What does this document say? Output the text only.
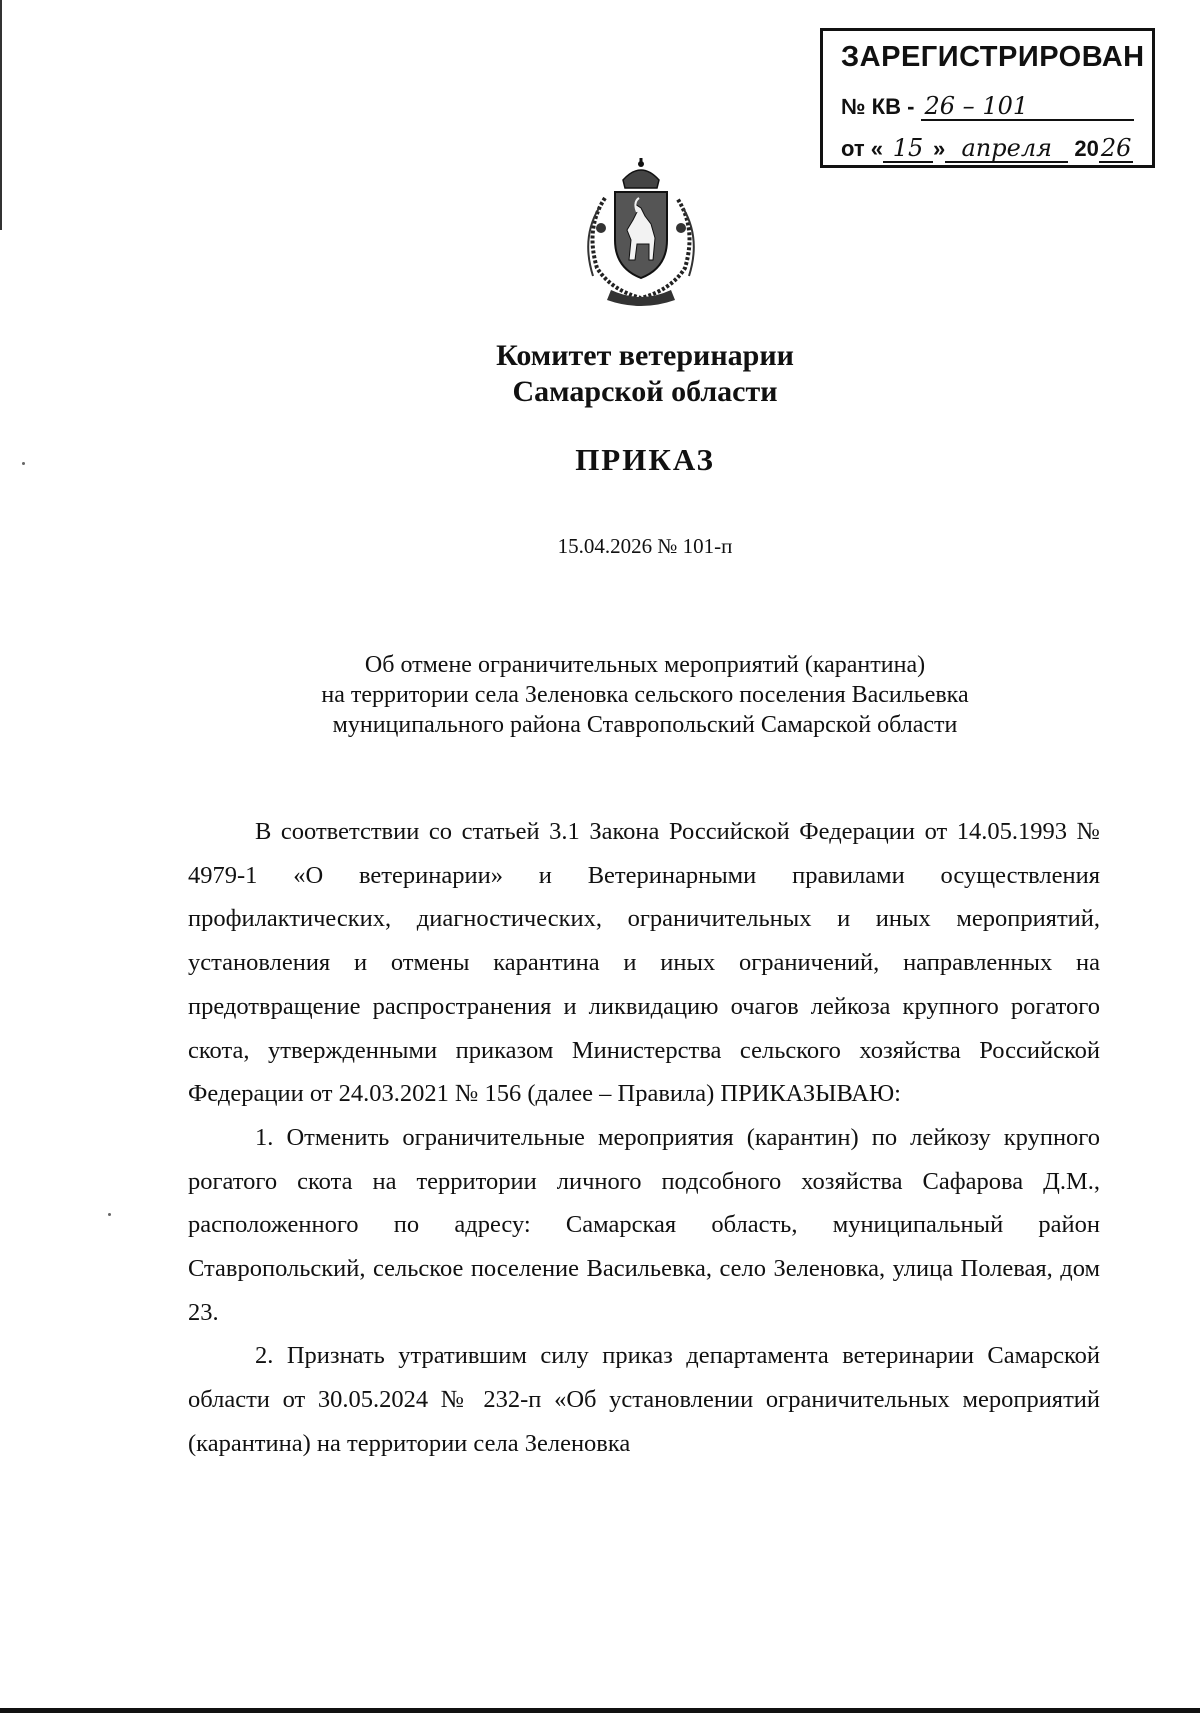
ЗАРЕГИСТРИРОВАН
№ КВ - 26 – 101
от « 15 » апреля 2026
Комитет ветеринарии
Самарской области
ПРИКАЗ
15.04.2026 № 101-п
Об отмене ограничительных мероприятий (карантина)
на территории села Зеленовка сельского поселения Васильевка
муниципального района Ставропольский Самарской области

В соответствии со статьей 3.1 Закона Российской Федерации от 14.05.1993 № 4979-1 «О ветеринарии» и Ветеринарными правилами осуществления профилактических, диагностических, ограничительных и иных мероприятий, установления и отмены карантина и иных ограничений, направленных на предотвращение распространения и ликвидацию очагов лейкоза крупного рогатого скота, утвержденными приказом Министерства сельского хозяйства Российской Федерации от 24.03.2021 № 156 (далее – Правила) ПРИКАЗЫВАЮ:

1. Отменить ограничительные мероприятия (карантин) по лейкозу крупного рогатого скота на территории личного подсобного хозяйства Сафарова Д.М., расположенного по адресу: Самарская область, муниципальный район Ставропольский, сельское поселение Васильевка, село Зеленовка, улица Полевая, дом 23.

2. Признать утратившим силу приказ департамента ветеринарии Самарской области от 30.05.2024 № 232-п «Об установлении ограничительных мероприятий (карантина) на территории села Зеленовка
